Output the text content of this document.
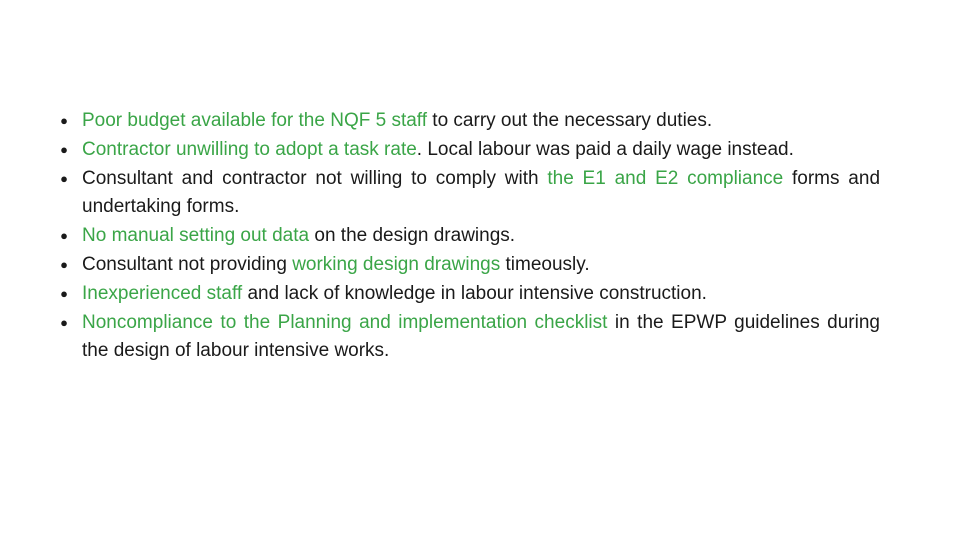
● Poor budget available for the NQF 5 staff to carry out the necessary duties.
● Contractor unwilling to adopt a task rate. Local labour was paid a daily wage instead.
● Consultant and contractor not willing to comply with the E1 and E2 compliance forms and undertaking forms.
● No manual setting out data on the design drawings.
● Consultant not providing working design drawings timeously.
● Inexperienced staff and lack of knowledge in labour intensive construction.
● Noncompliance to the Planning and implementation checklist in the EPWP guidelines during the design of labour intensive works.
